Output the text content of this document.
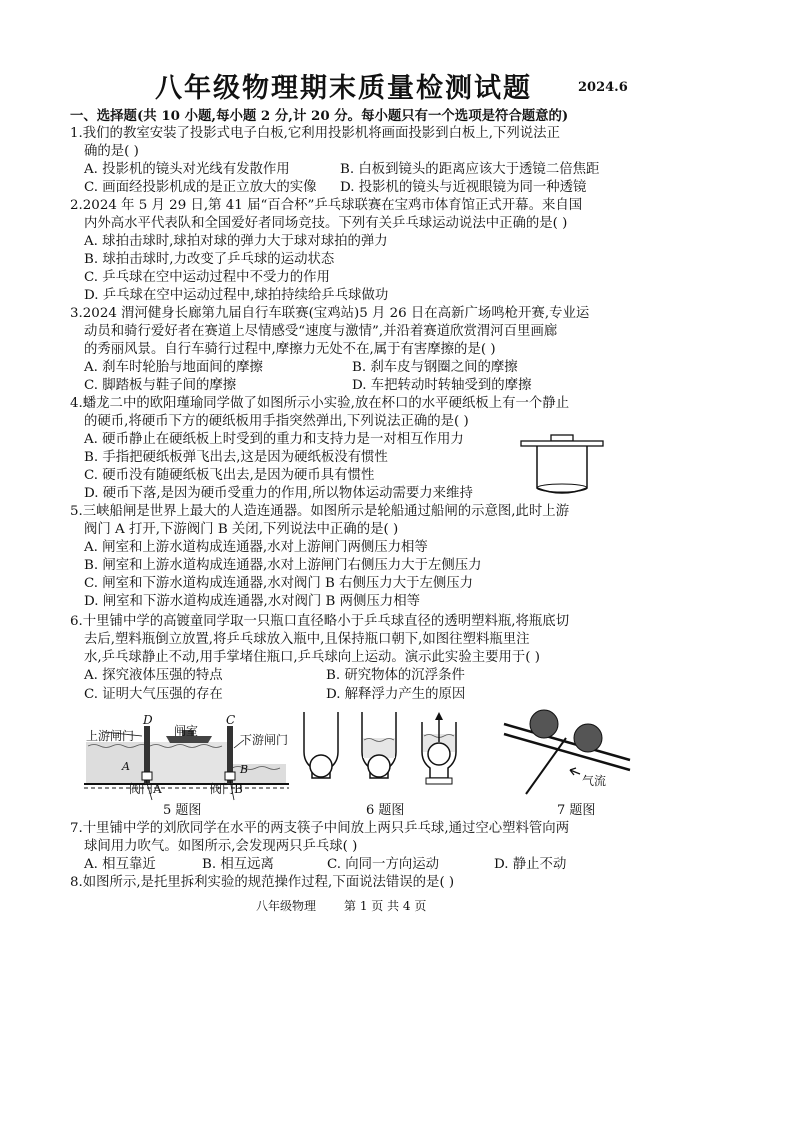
八年级物理期末质量检测试题	2024.6
一、选择题(共 10 小题,每小题 2 分,计 20 分。每小题只有一个选项是符合题意的)
1.我们的教室安装了投影式电子白板,它利用投影机将画面投影到白板上,下列说法正
确的是( )
A. 投影机的镜头对光线有发散作用	B. 白板到镜头的距离应该大于透镜二倍焦距
C. 画面经投影机成的是正立放大的实像 D. 投影机的镜头与近视眼镜为同一种透镜
2.2024 年 5 月 29 日,第 41 届“百合杯”乒乓球联赛在宝鸡市体育馆正式开幕。来自国
内外高水平代表队和全国爱好者同场竞技。下列有关乒乓球运动说法中正确的是( )
A. 球拍击球时,球拍对球的弹力大于球对球拍的弹力
B. 球拍击球时,力改变了乒乓球的运动状态
C. 乒乓球在空中运动过程中不受力的作用
D. 乒乓球在空中运动过程中,球拍持续给乒乓球做功
3.2024 渭河健身长廊第九届自行车联赛(宝鸡站)5 月 26 日在高新广场鸣枪开赛,专业运
动员和骑行爱好者在赛道上尽情感受“速度与激情”,并沿着赛道欣赏渭河百里画廊
的秀丽风景。自行车骑行过程中,摩擦力无处不在,属于有害摩擦的是( )
A. 刹车时轮胎与地面间的摩擦	B. 刹车皮与钢圈之间的摩擦
C. 脚踏板与鞋子间的摩擦	D. 车把转动时转轴受到的摩擦
4.蟠龙二中的欧阳瑾瑜同学做了如图所示小实验,放在杯口的水平硬纸板上有一个静止
的硬币,将硬币下方的硬纸板用手指突然弹出,下列说法正确的是( )
A. 硬币静止在硬纸板上时受到的重力和支持力是一对相互作用力
B. 手指把硬纸板弹飞出去,这是因为硬纸板没有惯性
C. 硬币没有随硬纸板飞出去,是因为硬币具有惯性
D. 硬币下落,是因为硬币受重力的作用,所以物体运动需要力来维持
5.三峡船闸是世界上最大的人造连通器。如图所示是轮船通过船闸的示意图,此时上游
阀门 A 打开,下游阀门 B 关闭,下列说法中正确的是( )
A. 闸室和上游水道构成连通器,水对上游闸门两侧压力相等
B. 闸室和上游水道构成连通器,水对上游闸门右侧压力大于左侧压力
C. 闸室和下游水道构成连通器,水对阀门 B 右侧压力大于左侧压力
D. 闸室和下游水道构成连通器,水对阀门 B 两侧压力相等
6.十里铺中学的高镀童同学取一只瓶口直径略小于乒乓球直径的透明塑料瓶,将瓶底切
去后,塑料瓶倒立放置,将乒乓球放入瓶中,且保持瓶口朝下,如图往塑料瓶里注
水,乒乓球静止不动,用手掌堵住瓶口,乒乓球向上运动。演示此实验主要用于( )
A. 探究液体压强的特点	B. 研究物体的沉浮条件
C. 证明大气压强的存在	D. 解释浮力产生的原因
上游闸门
D
闸室
C
下游闸门
A	B
阀门A	阀门B
5 题图	6 题图
气流
7 题图
7.十里铺中学的刘欣同学在水平的两支筷子中间放上两只乒乓球,通过空心塑料管向两
球间用力吹气。如图所示,会发现两只乒乓球( )
A. 相互靠近	B. 相互远离	C. 向同一方向运动	D. 静止不动
8.如图所示,是托里拆利实验的规范操作过程,下面说法错误的是( )
八年级物理 第 1 页 共 4 页
